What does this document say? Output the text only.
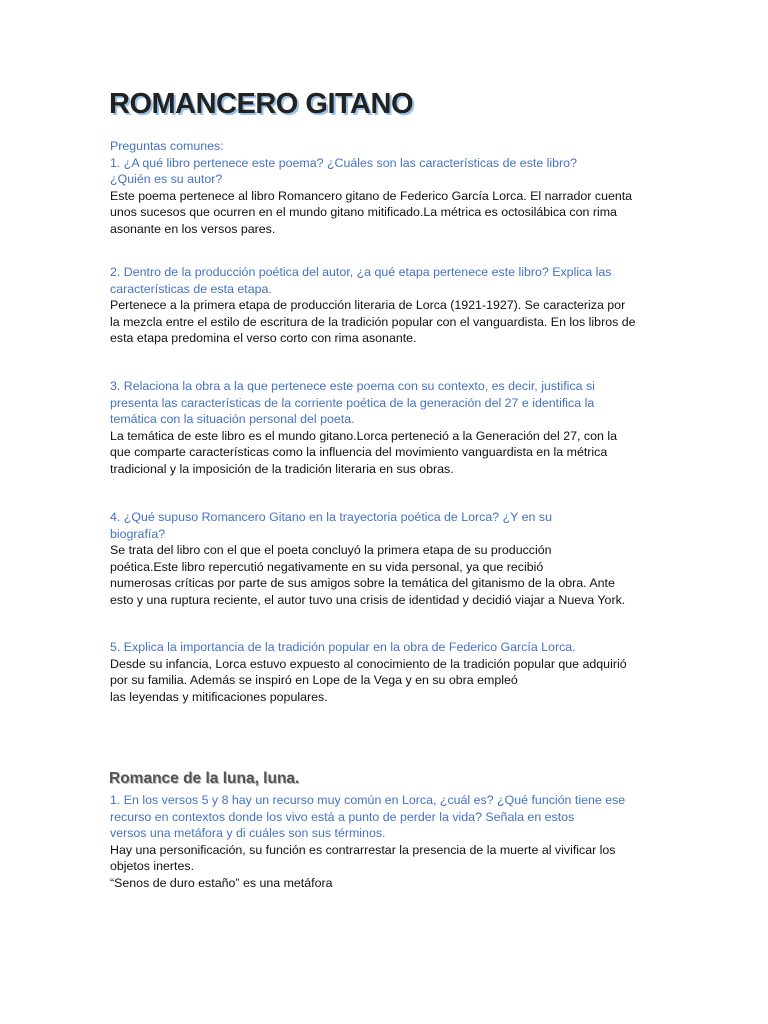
ROMANCERO GITANO
Preguntas comunes:
1. ¿A qué libro pertenece este poema? ¿Cuáles son las características de este libro?
¿Quién es su autor?
Este poema pertenece al libro Romancero gitano de Federico García Lorca. El narrador cuenta
unos sucesos que ocurren en el mundo gitano mitificado.La métrica es octosilábica con rima
asonante en los versos pares.
2. Dentro de la producción poética del autor, ¿a qué etapa pertenece este libro? Explica las
características de esta etapa.
Pertenece a la primera etapa de producción literaria de Lorca (1921-1927). Se caracteriza por
la mezcla entre el estilo de escritura de la tradición popular con el vanguardista. En los libros de
esta etapa predomina el verso corto con rima asonante.
3. Relaciona la obra a la que pertenece este poema con su contexto, es decir, justifica si
presenta las características de la corriente poética de la generación del 27 e identifica la
temática con la situación personal del poeta.
La temática de este libro es el mundo gitano.Lorca perteneció a la Generación del 27, con la
que comparte características como la influencia del movimiento vanguardista en la métrica
tradicional y la imposición de la tradición literaria en sus obras.
4. ¿Qué supuso Romancero Gitano en la trayectoria poética de Lorca? ¿Y en su
biografía?
Se trata del libro con el que el poeta concluyó la primera etapa de su producción
poética.Este libro repercutió negativamente en su vida personal, ya que recibió
numerosas críticas por parte de sus amigos sobre la temática del gitanismo de la obra. Ante
esto y una ruptura reciente, el autor tuvo una crisis de identidad y decidió viajar a Nueva York.
5. Explica la importancia de la tradición popular en la obra de Federico García Lorca.
Desde su infancia, Lorca estuvo expuesto al conocimiento de la tradición popular que adquirió
por su familia. Además se inspiró en Lope de la Vega y en su obra empleó
las leyendas y mitificaciones populares.
Romance de la luna, luna.
1. En los versos 5 y 8 hay un recurso muy común en Lorca, ¿cuál es? ¿Qué función tiene ese
recurso en contextos donde los vivo está a punto de perder la vida? Señala en estos
versos una metáfora y di cuáles son sus términos.
Hay una personificación, su función es contrarrestar la presencia de la muerte al vivificar los
objetos inertes.
“Senos de duro estaño” es una metáfora
